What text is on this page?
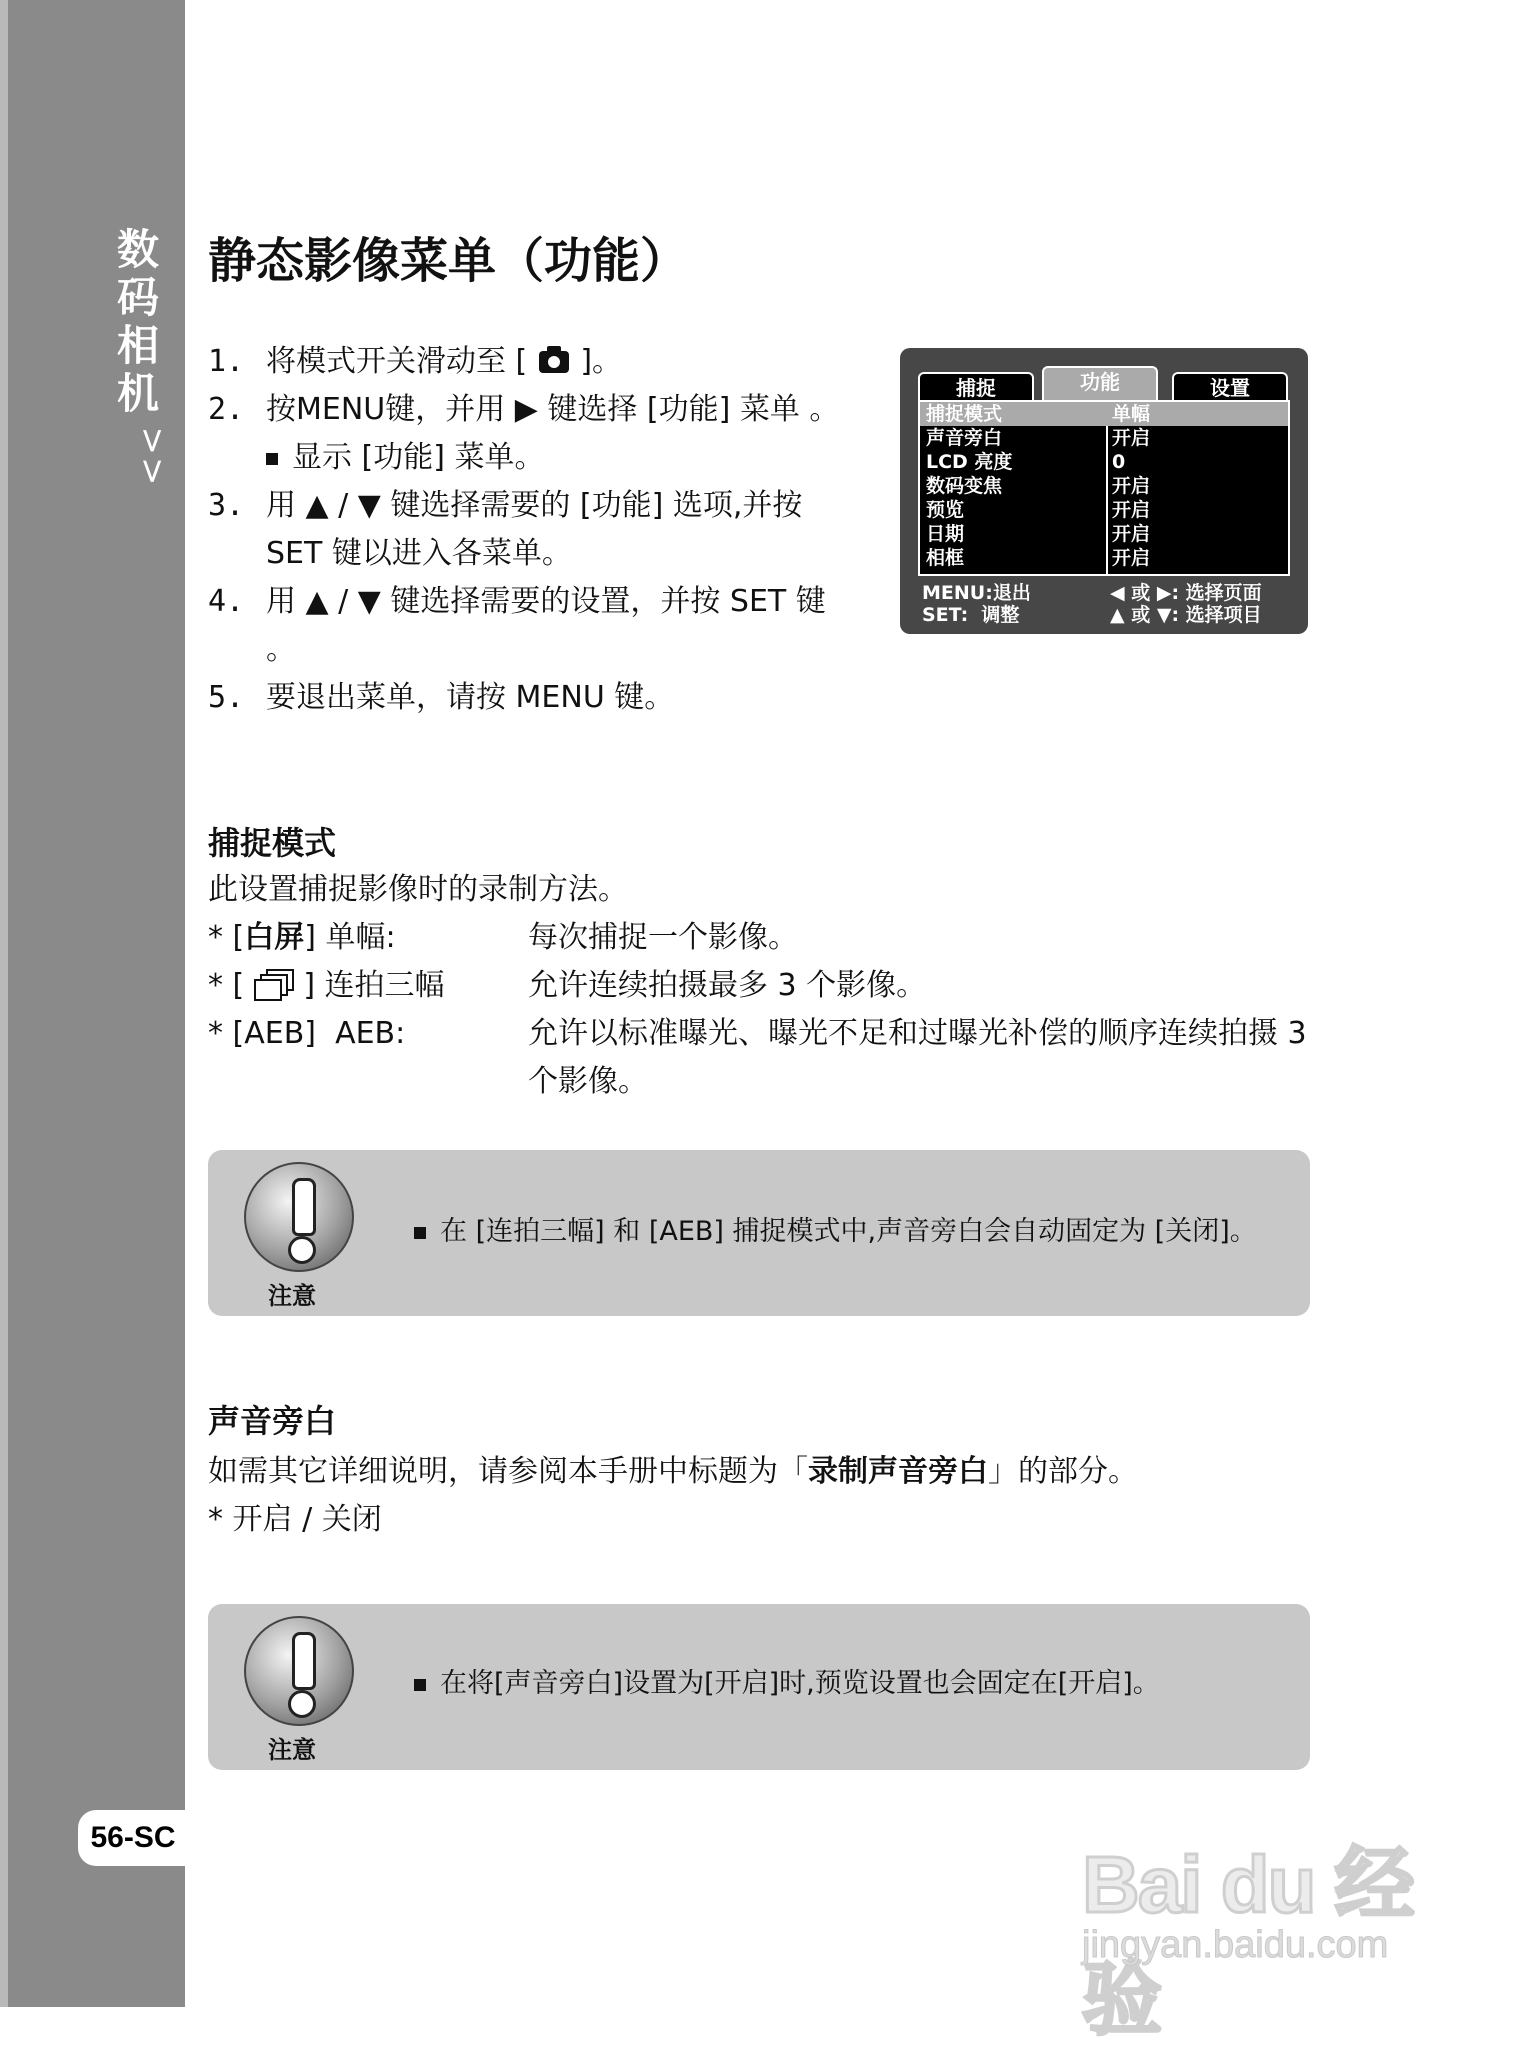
数
码
相
机
>>
56-SC
静态影像菜单（功能）
1. 将模式开关滑动至 [
]。
2. 按MENU键，并用 ▶ 键选择 [功能] 菜单 。
显示 [功能] 菜单。
3. 用 ▲ / ▼ 键选择需要的 [功能] 选项,并按 SET 键以进入各菜单。
4. 用 ▲ / ▼ 键选择需要的设置，并按 SET 键 。
5. 要退出菜单，请按 MENU 键。
捕捉	功能	设置
捕捉模式	单幅
声音旁白	开启
LCD 亮度	0
数码变焦	开启
预览	开启
日期	开启
相框	开启
MENU:退出
SET:  调整
◀ 或 ▶: 选择页面
▲ 或 ▼: 选择项目
捕捉模式
此设置捕捉影像时的录制方法。
* [白屏] 单幅:	每次捕捉一个影像。
* [
] 连拍三幅	允许连续拍摄最多 3 个影像。
* [AEB]  AEB:	允许以标准曝光、曝光不足和过曝光补偿的顺序连续拍摄 3 个影像。
注意
在 [连拍三幅] 和 [AEB] 捕捉模式中,声音旁白会自动固定为 [关闭]。
声音旁白
如需其它详细说明，请参阅本手册中标题为「录制声音旁白」的部分。
* 开启 / 关闭
注意
在将[声音旁白]设置为[开启]时,预览设置也会固定在[开启]。
Bai du 经验
jingyan.baidu.com
